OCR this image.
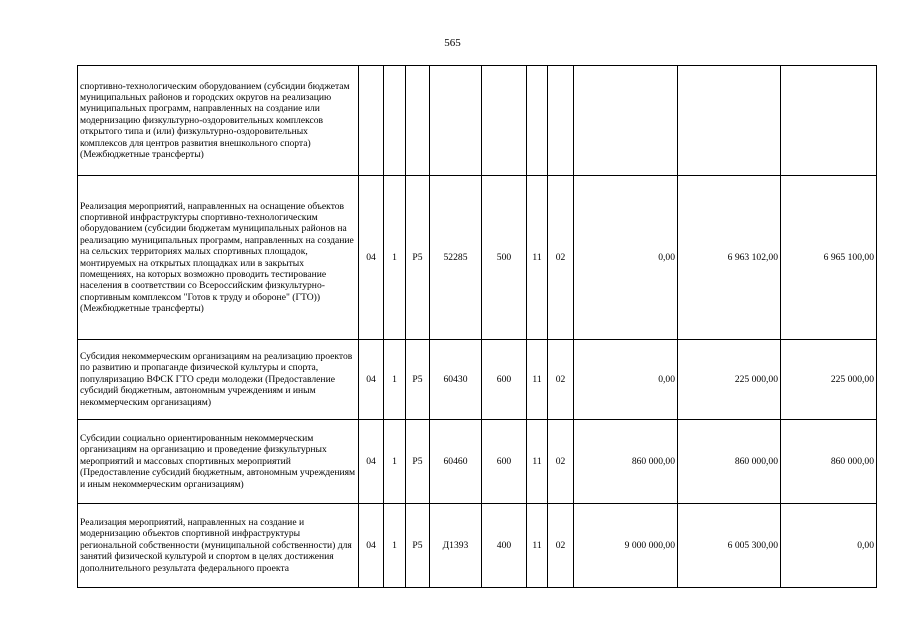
565
спортивно-технологическим оборудованием (субсидии бюджетам муниципальных районов и городских округов на реализацию муниципальных программ, направленных на создание или модернизацию физкультурно-оздоровительных комплексов открытого типа и (или) физкультурно-оздоровительных комплексов для центров развития внешкольного спорта) (Межбюджетные трансферты)										
Реализация мероприятий, направленных на оснащение объектов спортивной инфраструктуры спортивно-технологическим оборудованием (субсидии бюджетам муниципальных районов на реализацию муниципальных программ, направленных на создание на сельских территориях малых спортивных площадок, монтируемых на открытых площадках или в закрытых помещениях, на которых возможно проводить тестирование населения в соответствии со Всероссийским физкультурно-спортивным комплексом "Готов к труду и обороне" (ГТО)) (Межбюджетные трансферты)	04	1	Р5	52285	500	11	02	0,00	6 963 102,00	6 965 100,00
Субсидия некоммерческим организациям на реализацию проектов по развитию и пропаганде физической культуры и спорта, популяризацию ВФСК ГТО среди молодежи (Предоставление субсидий бюджетным, автономным учреждениям и иным некоммерческим организациям)	04	1	Р5	60430	600	11	02	0,00	225 000,00	225 000,00
Субсидии социально ориентированным некоммерческим организациям на организацию и проведение физкультурных мероприятий и массовых спортивных мероприятий (Предоставление субсидий бюджетным, автономным учреждениям и иным некоммерческим организациям)	04	1	Р5	60460	600	11	02	860 000,00	860 000,00	860 000,00
Реализация мероприятий, направленных на создание и модернизацию объектов спортивной инфраструктуры региональной собственности (муниципальной собственности) для занятий физической культурой и спортом в целях достижения дополнительного результата федерального проекта	04	1	Р5	Д1393	400	11	02	9 000 000,00	6 005 300,00	0,00
